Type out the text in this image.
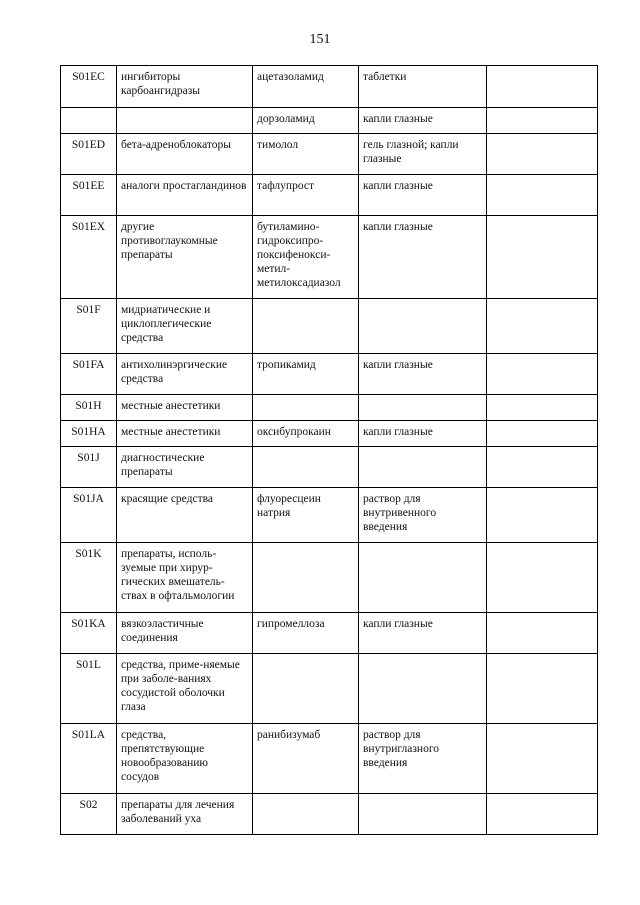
151
S01EC	ингибиторы карбоангидразы	ацетазоламид	таблетки	
		дорзоламид	капли глазные	
S01ED	бета-адреноблокаторы	тимолол	гель глазной; капли глазные	
S01EE	аналоги простагландинов	тафлупрост	капли глазные	
S01EX	другие противоглаукомные препараты	бутиламино-гидроксипро-поксифенокси-метил-метилоксадиазол	капли глазные	
S01F	мидриатические и циклоплегические средства			
S01FA	антихолинэргические средства	тропикамид	капли глазные	
S01H	местные анестетики			
S01HA	местные анестетики	оксибупрокаин	капли глазные	
S01J	диагностические препараты			
S01JA	красящие средства	флуоресцеин натрия	раствор для внутривенного введения	
S01K	препараты, исполь-зуемые при хирур-гических вмешатель-ствах в офтальмологии			
S01KA	вязкоэластичные соединения	гипромеллоза	капли глазные	
S01L	средства, приме-няемые при заболе-ваниях сосудистой оболочки глаза			
S01LA	средства, препятствующие новообразованию сосудов	ранибизумаб	раствор для внутриглазного введения	
S02	препараты для лечения заболеваний уха			
